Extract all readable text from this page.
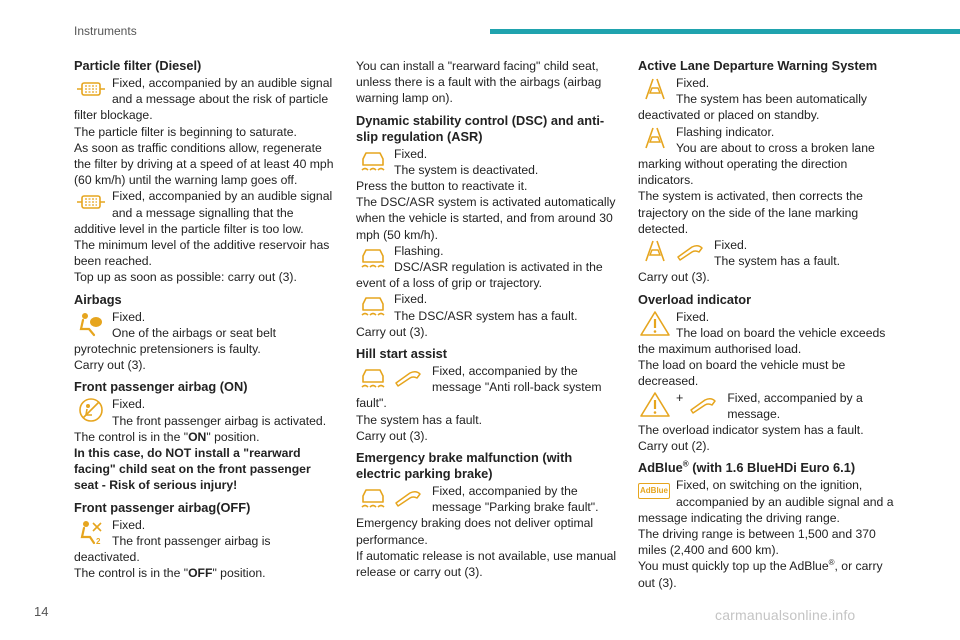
Instruments
Particle filter (Diesel)
Fixed, accompanied by an audible signal and a message about the risk of particle filter blockage.
The particle filter is beginning to saturate.
As soon as traffic conditions allow, regenerate the filter by driving at a speed of at least 40 mph (60 km/h) until the warning lamp goes off.
Fixed, accompanied by an audible signal and a message signalling that the additive level in the particle filter is too low.
The minimum level of the additive reservoir has been reached.
Top up as soon as possible: carry out (3).
Airbags
Fixed.
One of the airbags or seat belt pyrotechnic pretensioners is faulty.
Carry out (3).
Front passenger airbag (ON)
Fixed.
The front passenger airbag is activated.
The control is in the "ON" position.
In this case, do NOT install a "rearward facing" child seat on the front passenger seat - Risk of serious injury!
Front passenger airbag(OFF)
Fixed.
The front passenger airbag is deactivated.
The control is in the "OFF" position.
You can install a "rearward facing" child seat, unless there is a fault with the airbags (airbag warning lamp on).
Dynamic stability control (DSC) and anti-slip regulation (ASR)
Fixed.
The system is deactivated.
Press the button to reactivate it.
The DSC/ASR system is activated automatically when the vehicle is started, and from around 30 mph (50 km/h).
Flashing.
DSC/ASR regulation is activated in the event of a loss of grip or trajectory.
Fixed.
The DSC/ASR system has a fault.
Carry out (3).
Hill start assist
Fixed, accompanied by the message "Anti roll-back system fault".
The system has a fault.
Carry out (3).
Emergency brake malfunction (with electric parking brake)
Fixed, accompanied by the message "Parking brake fault".
Emergency braking does not deliver optimal performance.
If automatic release is not available, use manual release or carry out (3).
Active Lane Departure Warning System
Fixed.
The system has been automatically deactivated or placed on standby.
Flashing indicator.
You are about to cross a broken lane marking without operating the direction indicators.
The system is activated, then corrects the trajectory on the side of the lane marking detected.
Fixed.
The system has a fault.
Carry out (3).
Overload indicator
Fixed.
The load on board the vehicle exceeds the maximum authorised load.
The load on board the vehicle must be decreased.
+	Fixed, accompanied by a message.
The overload indicator system has a fault.
Carry out (2).
AdBlue® (with 1.6 BlueHDi Euro 6.1)
AdBlue Fixed, on switching on the ignition, accompanied by an audible signal and a message indicating the driving range.
The driving range is between 1,500 and 370 miles (2,400 and 600 km).
You must quickly top up the AdBlue®, or carry out (3).
14	carmanualsonline.info
